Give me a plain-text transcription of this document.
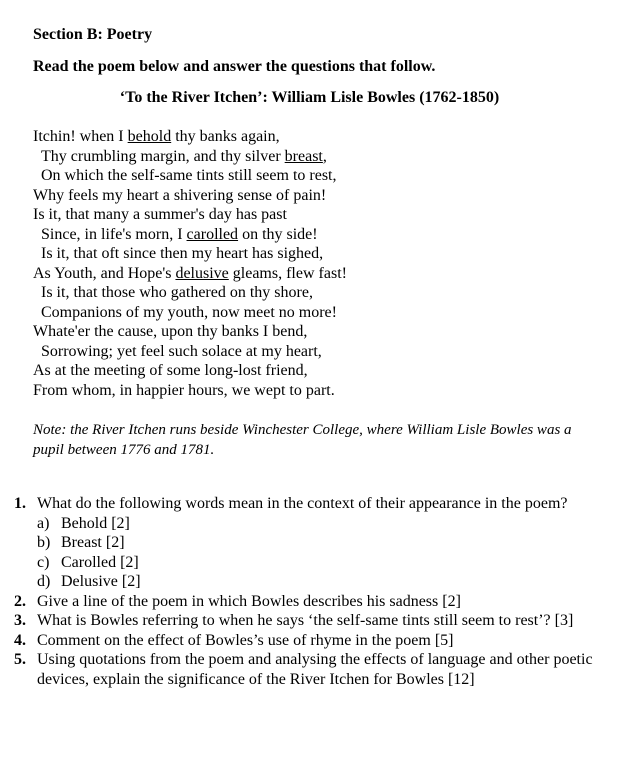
Section B: Poetry
Read the poem below and answer the questions that follow.
‘To the River Itchen’: William Lisle Bowles (1762-1850)
Itchin! when I behold thy banks again,
Thy crumbling margin, and thy silver breast,
On which the self-same tints still seem to rest,
Why feels my heart a shivering sense of pain!
Is it, that many a summer's day has past
Since, in life's morn, I carolled on thy side!
Is it, that oft since then my heart has sighed,
As Youth, and Hope's delusive gleams, flew fast!
Is it, that those who gathered on thy shore,
Companions of my youth, now meet no more!
Whate'er the cause, upon thy banks I bend,
Sorrowing; yet feel such solace at my heart,
As at the meeting of some long-lost friend,
From whom, in happier hours, we wept to part.
Note: the River Itchen runs beside Winchester College, where William Lisle Bowles was a pupil between 1776 and 1781.
1. What do the following words mean in the context of their appearance in the poem?
a) Behold [2]
b) Breast [2]
c) Carolled [2]
d) Delusive [2]
2. Give a line of the poem in which Bowles describes his sadness [2]
3. What is Bowles referring to when he says ‘the self-same tints still seem to rest’? [3]
4. Comment on the effect of Bowles’s use of rhyme in the poem [5]
5. Using quotations from the poem and analysing the effects of language and other poetic devices, explain the significance of the River Itchen for Bowles [12]
